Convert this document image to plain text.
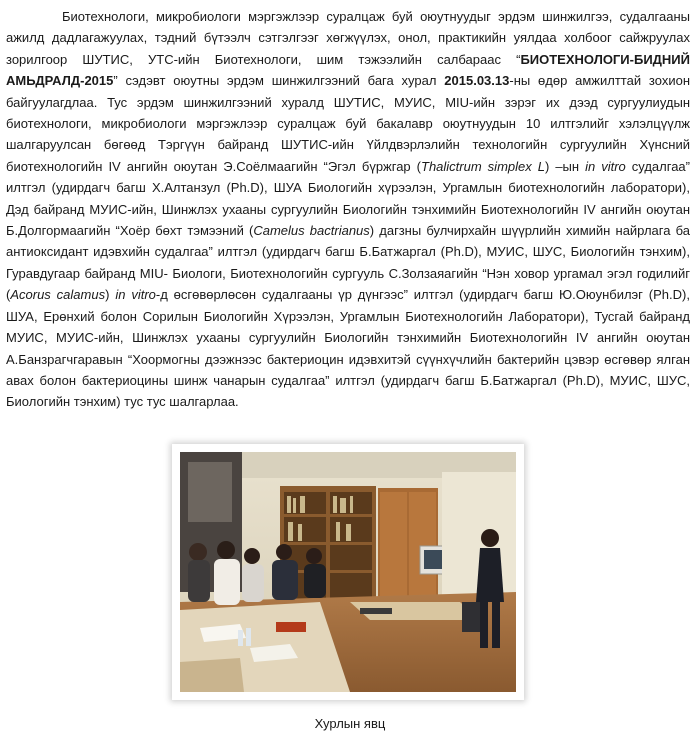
Биотехнологи, микробиологи мэргэжлээр суралцаж буй оюутнуудыг эрдэм шинжилгээ, судалгааны ажилд дадлагажуулах, тэдний бүтээлч сэтгэлгээг хөгжүүлэх, онол, практикийн уялдаа холбоог сайжруулах зорилгоор ШУТИС, УТС-ийн Биотехнологи, шим тэжээлийн салбараас “БИОТЕХНОЛОГИ-БИДНИЙ АМЬДРАЛД-2015” сэдэвт оюутны эрдэм шинжилгээний бага хурал 2015.03.13-ны өдөр амжилттай зохион байгуулагдлаа. Тус эрдэм шинжилгээний хуралд ШУТИС, МУИС, MIU-ийн зэрэг их дээд сургуулиудын биотехнологи, микробиологи мэргэжлээр суралцаж буй бакалавр оюутнуудын 10 илтгэлийг хэлэлцүүлж шалгаруулсан бөгөөд Тэргүүн байранд ШУТИС-ийн Үйлдвэрлэлийн технологийн сургуулийн Хүнсний биотехнологийн IV ангийн оюутан Э.Соёлмаагийн “Эгэл бүржгар (Thalictrum simplex L) –ын in vitro судалгаа” илтгэл (удирдагч багш Х.Алтанзул (Ph.D), ШУА Биологийн хүрээлэн, Ургамлын биотехнологийн лаборатори), Дэд байранд МУИС-ийн, Шинжлэх ухааны сургуулийн Биологийн тэнхимийн Биотехнологийн IV ангийн оюутан Б.Долгормаагийн “Хоёр бөхт тэмээний (Camelus bactrianus) дагзны булчирхайн шүүрлийн химийн найрлага ба антиоксидант идэвхийн судалгаа” илтгэл (удирдагч багш Б.Батжаргал (Ph.D), МУИС, ШУС, Биологийн тэнхим), Гуравдугаар байранд MIU- Биологи, Биотехнологийн сургууль С.Золзаяагийн “Нэн ховор ургамал эгэл годилийг (Acorus calamus) in vitro-д өсгөвөрлөсөн судалгааны үр дүнгээс” илтгэл (удирдагч багш Ю.Оюунбилэг (Ph.D), ШУА, Ерөнхий болон Сорилын Биологийн Хүрээлэн, Ургамлын Биотехнологийн Лаборатори), Тусгай байранд МУИС, МУИС-ийн, Шинжлэх ухааны сургуулийн Биологийн тэнхимийн Биотехнологийн IV ангийн оюутан А.Банзрагчгаравын “Хоормогны дээжнээс бактериоцин идэвхитэй сүүнхүчлийн бактерийн цэвэр өсгөвөр ялган авах болон бактериоцины шинж чанарын судалгаа” илтгэл (удирдагч багш Б.Батжаргал (Ph.D), МУИС, ШУС, Биологийн тэнхим) тус тус шалгарлаа.

Хурлын явц
